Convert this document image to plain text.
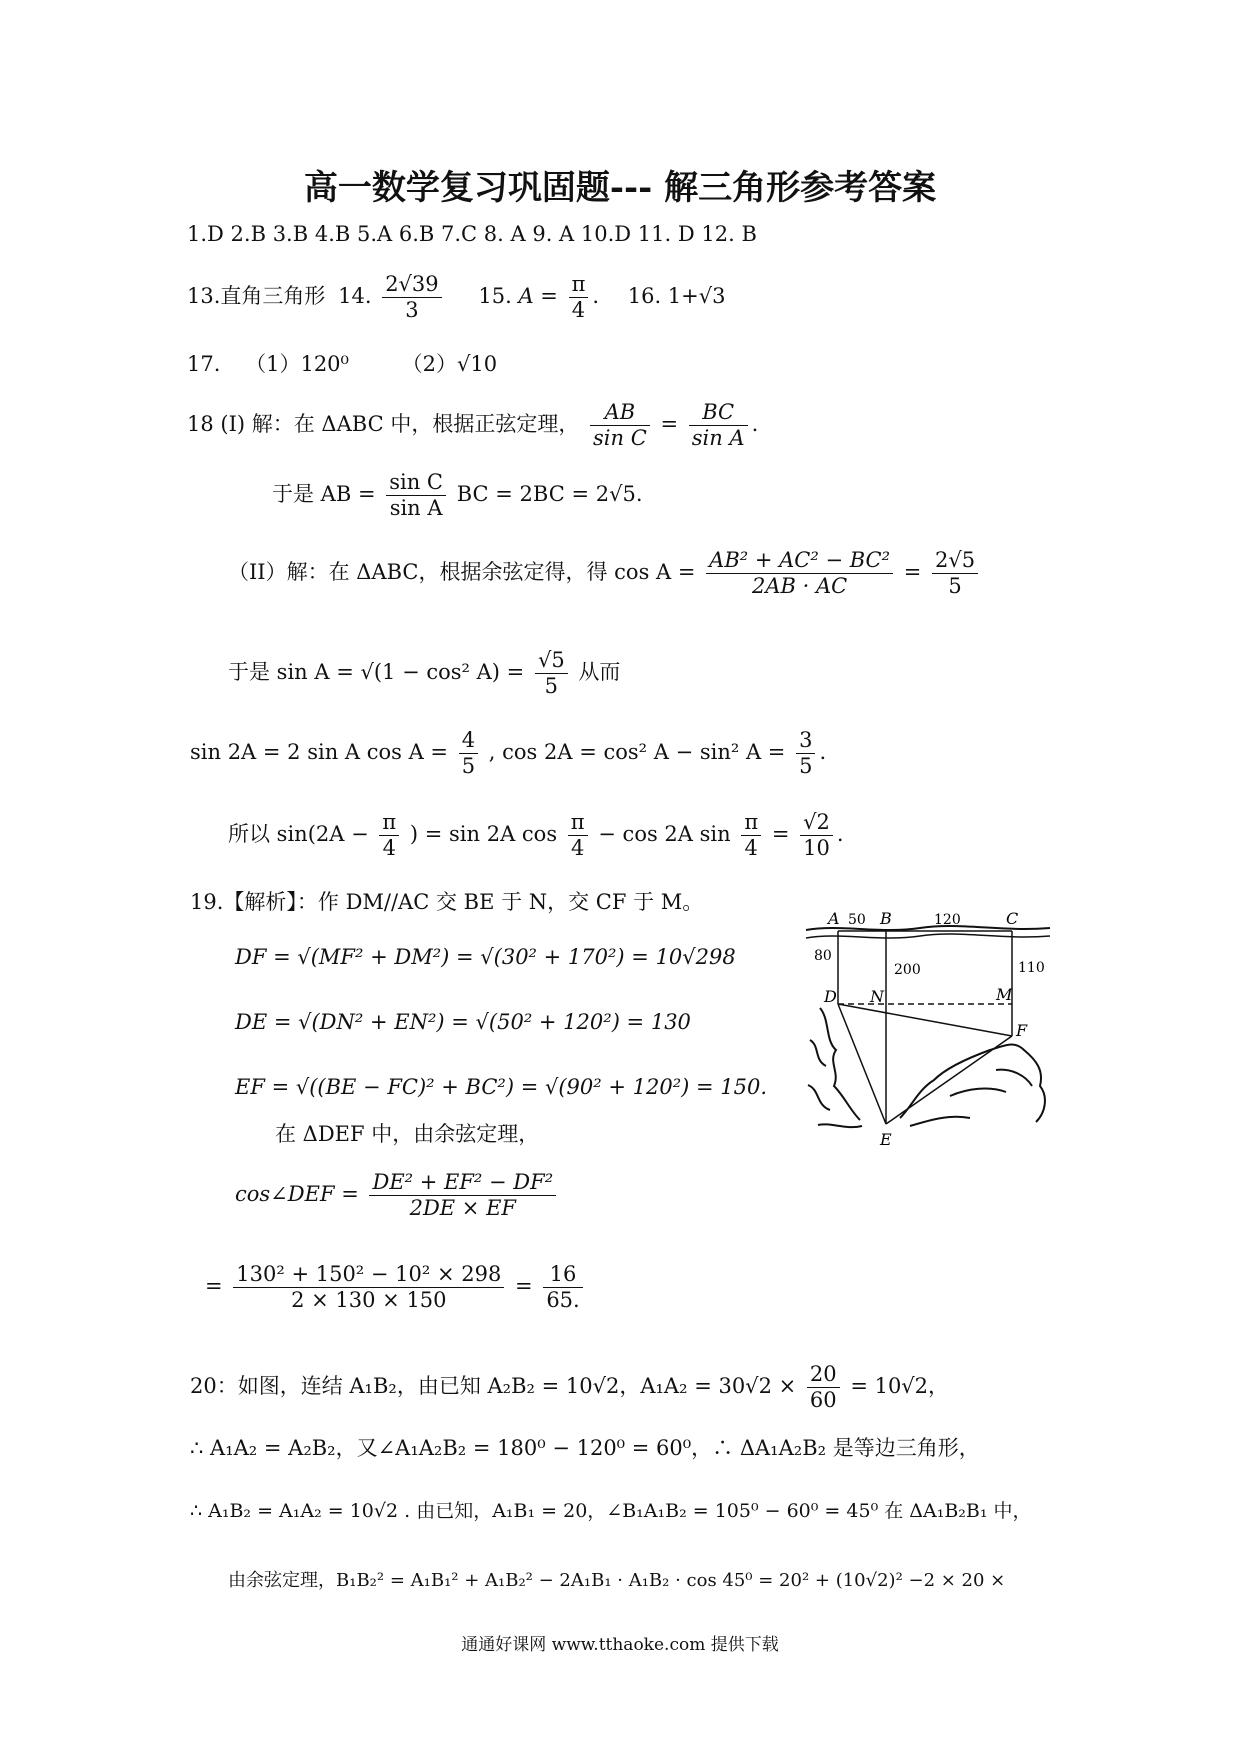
高一数学复习巩固题--- 解三角形参考答案
1.D 2.B 3.B 4.B 5.A 6.B 7.C 8. A 9. A 10.D 11. D 12. B
13.直角三角形 14. $\frac{2√39}{3} 15$. $A = \frac{\pi}{4}$ . 16. 1+√3
17. （1）120⁰	（2）√10
18 (I) 解：在 ΔABC 中，根据正弦定理， $\frac{AB}{\text{sin C}} = \frac{BC}{\text{sin A}}$ .
于是 AB = $\frac{\text{sin C}}{\text{sin A}}$ BC = 2BC = 2√5.
（II）解：在 ΔABC，根据余弦定得，得 $\cos A = \frac{\text{AB² + AC² − BC²}}{2AB \cdot AC} = \frac{2√5}{5}$
于是 sin A = √(1 − cos² $A) = \frac{√5}{5}$ 从而
sin 2A = 2 sin A $\cos A = \frac{4}{5}$ , cos 2A = cos² A − sin² $A = \frac{3}{5}$ .
所以 $\sin(2A - \frac{\pi}{4}$ ) = sin 2A $\cos \frac{\pi}{4} - \cos 2A$ $\sin \frac{\pi}{4} = \frac{√2}{10}$ .
19.【解析】：作 DM//AC 交 BE 于 N，交 CF 于 M。
DF = √(MF² + DM²) = √(30² + 170²) = 10√298
DE = √(DN² + EN²) = √(50² + 120²) = 130
EF = √((BE − FC)² + BC²) = √(90² + 120²) = 150.
在 ΔDEF 中，由余弦定理，
cos∠DEF = $\frac{\text{DE² + EF² − DF²}}{2DE \times EF}$
= $\frac{\text{130² + 150² − 10² × 298}}{2 \times 130 \times 150} = \frac{16}{65.}$
A 50 B	120	C
80
200	110
D N	M
F
E
20：如图，连结 A₁B₂，由已知 A₂B₂ = 10√2，$A_1A_2 = 30√2 \times \frac{20}{60} = 10√2$，
∴ A₁A₂ = A₂B₂，又∠A₁A₂B₂ = 180⁰ − 120⁰ = 60⁰，∴ ΔA₁A₂B₂ 是等边三角形，
∴ A₁B₂ = A₁A₂ = 10√2 . 由已知，A₁B₁ = 20，∠B₁A₁B₂ = 105⁰ − 60⁰ = 45⁰ 在 ΔA₁B₂B₁ 中，
由余弦定理，B₁B₂² = A₁B₁² + A₁B₂² − 2A₁B₁ · A₁B₂ · cos 45⁰ = 20² + (10√2)² −2 × 20 ×
通通好课网 www.tthaoke.com 提供下载
